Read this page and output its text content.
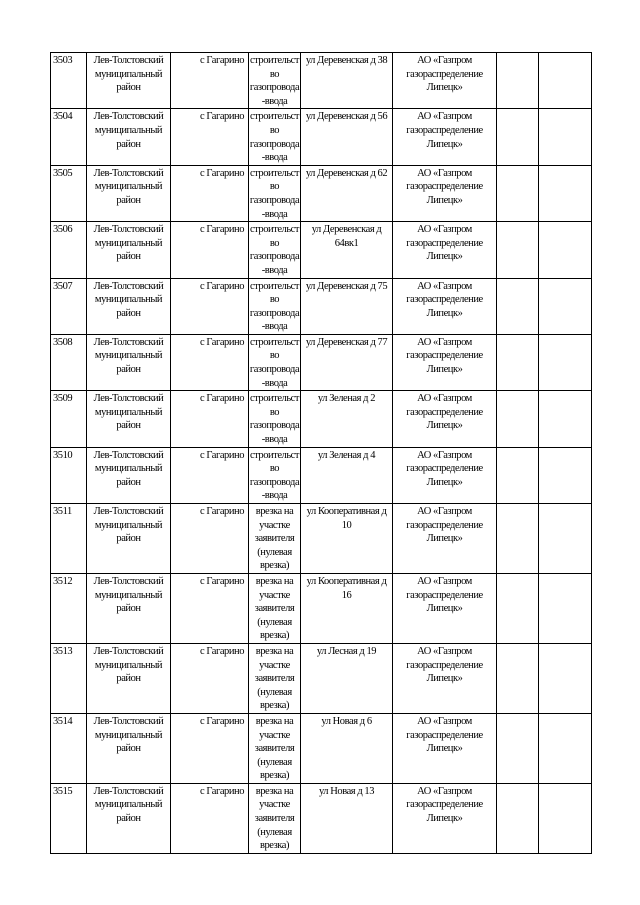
3503	Лев-Толстовский муниципальный район	с Гагарино	строительство газопровода-ввода	ул Деревенская д 38	АО «Газпром газораспределение Липецк»		
3504	Лев-Толстовский муниципальный район	с Гагарино	строительство газопровода-ввода	ул Деревенская д 56	АО «Газпром газораспределение Липецк»		
3505	Лев-Толстовский муниципальный район	с Гагарино	строительство газопровода-ввода	ул Деревенская д 62	АО «Газпром газораспределение Липецк»		
3506	Лев-Толстовский муниципальный район	с Гагарино	строительство газопровода-ввода	ул Деревенская д 64вк1	АО «Газпром газораспределение Липецк»		
3507	Лев-Толстовский муниципальный район	с Гагарино	строительство газопровода-ввода	ул Деревенская д 75	АО «Газпром газораспределение Липецк»		
3508	Лев-Толстовский муниципальный район	с Гагарино	строительство газопровода-ввода	ул Деревенская д 77	АО «Газпром газораспределение Липецк»		
3509	Лев-Толстовский муниципальный район	с Гагарино	строительство газопровода-ввода	ул Зеленая д 2	АО «Газпром газораспределение Липецк»		
3510	Лев-Толстовский муниципальный район	с Гагарино	строительство газопровода-ввода	ул Зеленая д 4	АО «Газпром газораспределение Липецк»		
3511	Лев-Толстовский муниципальный район	с Гагарино	врезка на участке заявителя (нулевая врезка)	ул Кооперативная д 10	АО «Газпром газораспределение Липецк»		
3512	Лев-Толстовский муниципальный район	с Гагарино	врезка на участке заявителя (нулевая врезка)	ул Кооперативная д 16	АО «Газпром газораспределение Липецк»		
3513	Лев-Толстовский муниципальный район	с Гагарино	врезка на участке заявителя (нулевая врезка)	ул Лесная д 19	АО «Газпром газораспределение Липецк»		
3514	Лев-Толстовский муниципальный район	с Гагарино	врезка на участке заявителя (нулевая врезка)	ул Новая д 6	АО «Газпром газораспределение Липецк»		
3515	Лев-Толстовский муниципальный район	с Гагарино	врезка на участке заявителя (нулевая врезка)	ул Новая д 13	АО «Газпром газораспределение Липецк»		
